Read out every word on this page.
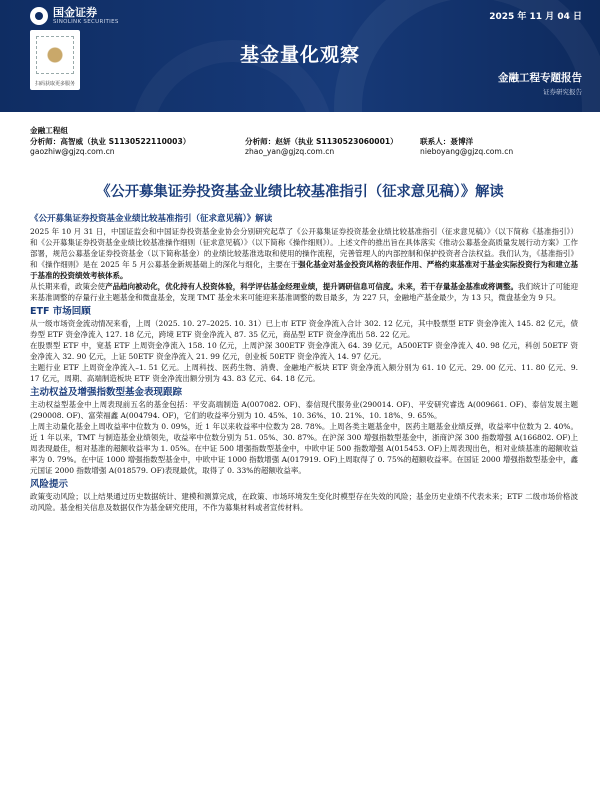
国金证券
SINOLINK SECURITIES	2025 年 11 月 04 日
扫码获取更多服务
基金量化观察
金融工程专题报告
证券研究报告
金融工程组
分析师：高智威（执业 S1130522110003）	分析师：赵妍（执业 S1130523060001）	联系人：聂博洋
gaozhiw@gjzq.com.cn	zhao_yan@gjzq.com.cn	nieboyang@gjzq.com.cn
《公开募集证券投资基金业绩比较基准指引（征求意见稿）》解读
《公开募集证券投资基金业绩比较基准指引（征求意见稿）》解读

2025 年 10 月 31 日，中国证监会和中国证券投资基金业协会分别研究起草了《公开募集证券投资基金业绩比较基准指引（征求意见稿）》（以下简称《基准指引》）和《公开募集证券投资基金业绩比较基准操作细则（征求意见稿）》（以下简称《操作细则》）。上述文件的推出旨在具体落实《推动公募基金高质量发展行动方案》工作部署，规范公募基金证券投资基金（以下简称基金）的业绩比较基准选取和使用的操作流程，完善管理人的内部控制和保护投资者合法权益。我们认为，《基准指引》和《操作细则》是在 2025 年 5 月公募基金新规基础上的深化与细化，主要在于强化基金对基金投资风格的表征作用、严格约束基准对于基金实际投资行为和建立基于基准的投资绩效考核体系。

从长期来看，政策会使产品趋向被动化，优化持有人投资体验，科学评估基金经理业绩，提升调研信息可信度。未来，若干存量基金基准或将调整。我们统计了可能迎来基准调整的存量行业主题基金和微盘基金，发现 TMT 基金未来可能迎来基准调整的数目最多，为 227 只，金融地产基金最少，为 13 只，微盘基金为 9 只。

ETF 市场回顾

从一级市场资金流动情况来看，上周（2025. 10. 27–2025. 10. 31）已上市 ETF 资金净流入合计 302. 12 亿元，其中股票型 ETF 资金净流入 145. 82 亿元，债券型 ETF 资金净流入 127. 18 亿元，跨境 ETF 资金净流入 87. 35 亿元，商品型 ETF 资金净流出 58. 22 亿元。

在股票型 ETF 中，宽基 ETF 上周资金净流入 158. 10 亿元，上周沪深 300ETF 资金净流入 64. 39 亿元，A500ETF 资金净流入 40. 98 亿元，科创 50ETF 资金净流入 32. 90 亿元，上证 50ETF 资金净流入 21. 99 亿元，创业板 50ETF 资金净流入 14. 97 亿元。

主题行业 ETF 上周资金净流入–1. 51 亿元。上周科技、医药生物、消费、金融地产板块 ETF 资金净流入额分别为 61. 10 亿元、29. 00 亿元、11. 80 亿元、9. 17 亿元，周期、高端制造板块 ETF 资金净流出额分别为 43. 83 亿元、64. 18 亿元。

主动权益及增强指数型基金表现跟踪

主动权益型基金中上周表现前五名的基金包括：平安高端制造 A(007082. OF)、泰信现代服务业(290014. OF)、平安研究睿选 A(009661. OF)、泰信发展主题(290008. OF)、富荣福鑫 A(004794. OF)，它们的收益率分别为 10. 45%、10. 36%、10. 21%、10. 18%、9. 65%。

上周主动量化基金上周收益率中位数为 0. 09%，近 1 年以来收益率中位数为 28. 78%。上周各类主题基金中，医药主题基金业绩反弹，收益率中位数为 2. 40%。近 1 年以来，TMT 与制造基金业绩领先，收益率中位数分别为 51. 05%、30. 87%。在沪深 300 增强指数型基金中，浙商沪深 300 指数增强 A(166802. OF)上周表现最佳，相对基准的超额收益率为 1. 05%。在中证 500 增强指数型基金中，中欧中证 500 指数增强 A(015453. OF)上周表现出色，相对业绩基准的超额收益率为 0. 79%。在中证 1000 增强指数型基金中，中欧中证 1000 指数增强 A(017919. OF)上周取得了 0. 75%的超额收益率。在国证 2000 增强指数型基金中，鑫元国证 2000 指数增强 A(018579. OF)表现最优，取得了 0. 33%的超额收益率。

风险提示

政策变动风险；以上结果通过历史数据统计、建模和测算完成，在政策、市场环境发生变化时模型存在失效的风险；基金历史业绩不代表未来；ETF 二级市场价格波动风险。基金相关信息及数据仅作为基金研究使用，不作为募集材料或者宣传材料。
